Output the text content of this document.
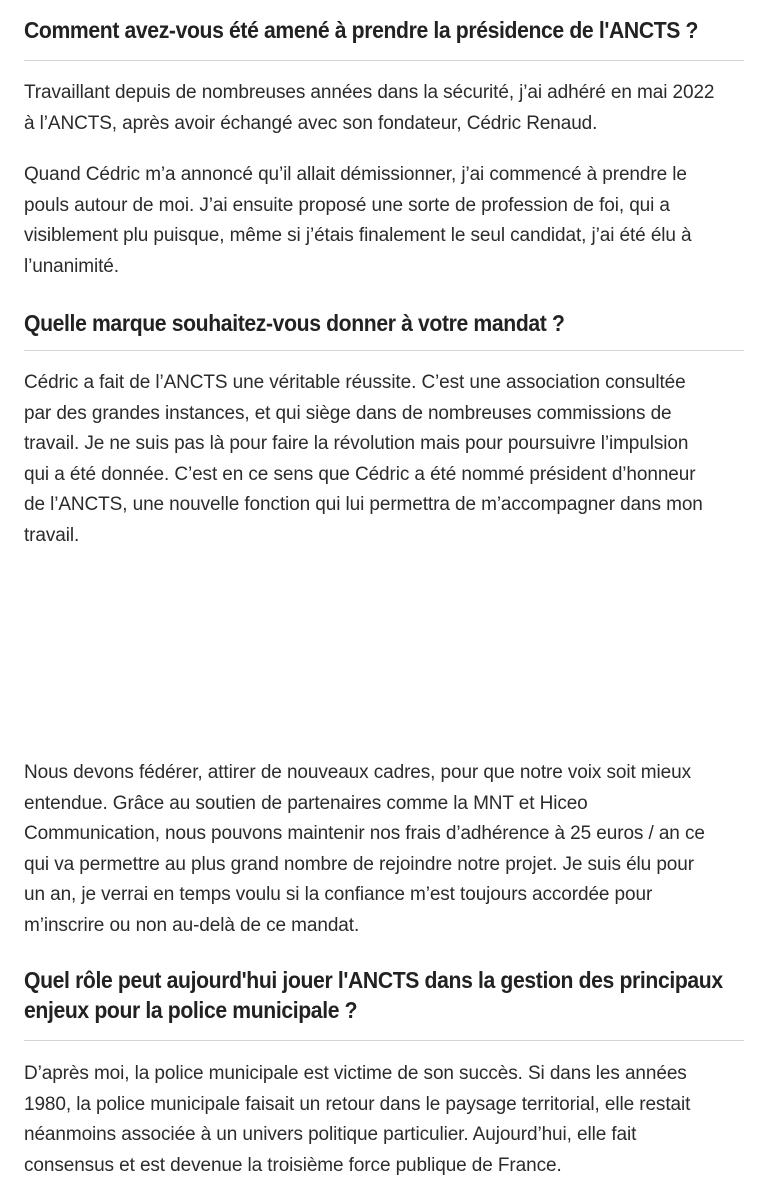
Comment avez-vous été amené à prendre la présidence de l'ANCTS ?

Travaillant depuis de nombreuses années dans la sécurité, j’ai adhéré en mai 2022
à l’ANCTS, après avoir échangé avec son fondateur, Cédric Renaud.

Quand Cédric m’a annoncé qu’il allait démissionner, j’ai commencé à prendre le
pouls autour de moi. J’ai ensuite proposé une sorte de profession de foi, qui a
visiblement plu puisque, même si j’étais finalement le seul candidat, j’ai été élu à
l’unanimité.

Quelle marque souhaitez-vous donner à votre mandat ?

Cédric a fait de l’ANCTS une véritable réussite. C’est une association consultée
par des grandes instances, et qui siège dans de nombreuses commissions de
travail. Je ne suis pas là pour faire la révolution mais pour poursuivre l’impulsion
qui a été donnée. C’est en ce sens que Cédric a été nommé président d’honneur
de l’ANCTS, une nouvelle fonction qui lui permettra de m’accompagner dans mon
travail.

Nous devons fédérer, attirer de nouveaux cadres, pour que notre voix soit mieux
entendue. Grâce au soutien de partenaires comme la MNT et Hiceo
Communication, nous pouvons maintenir nos frais d’adhérence à 25 euros / an ce
qui va permettre au plus grand nombre de rejoindre notre projet. Je suis élu pour
un an, je verrai en temps voulu si la confiance m’est toujours accordée pour
m’inscrire ou non au-delà de ce mandat.

Quel rôle peut aujourd'hui jouer l'ANCTS dans la gestion des principaux
enjeux pour la police municipale ?

D’après moi, la police municipale est victime de son succès. Si dans les années
1980, la police municipale faisait un retour dans le paysage territorial, elle restait
néanmoins associée à un univers politique particulier. Aujourd’hui, elle fait
consensus et est devenue la troisième force publique de France.
